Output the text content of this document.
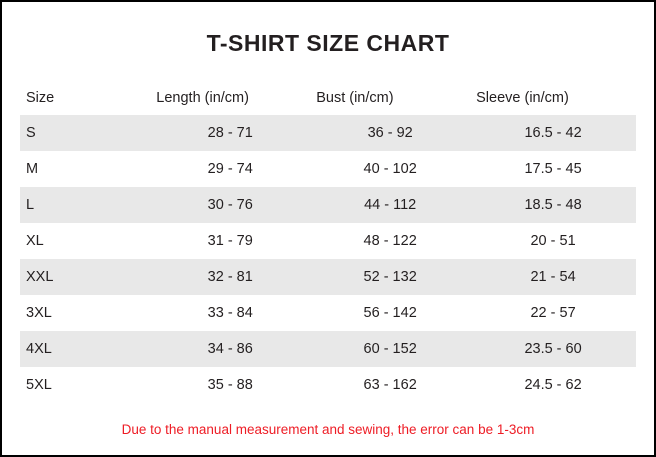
T-SHIRT SIZE CHART
Size	Length (in/cm)	Bust (in/cm)	Sleeve (in/cm)
S	28 - 71	36 - 92	16.5 - 42
M	29 - 74	40 - 102	17.5 - 45
L	30 - 76	44 - 112	18.5 - 48
XL	31 - 79	48 - 122	20 - 51
XXL	32 - 81	52 - 132	21 - 54
3XL	33 - 84	56 - 142	22 - 57
4XL	34 - 86	60 - 152	23.5 - 60
5XL	35 - 88	63 - 162	24.5 - 62
Due to the manual measurement and sewing, the error can be 1-3cm
